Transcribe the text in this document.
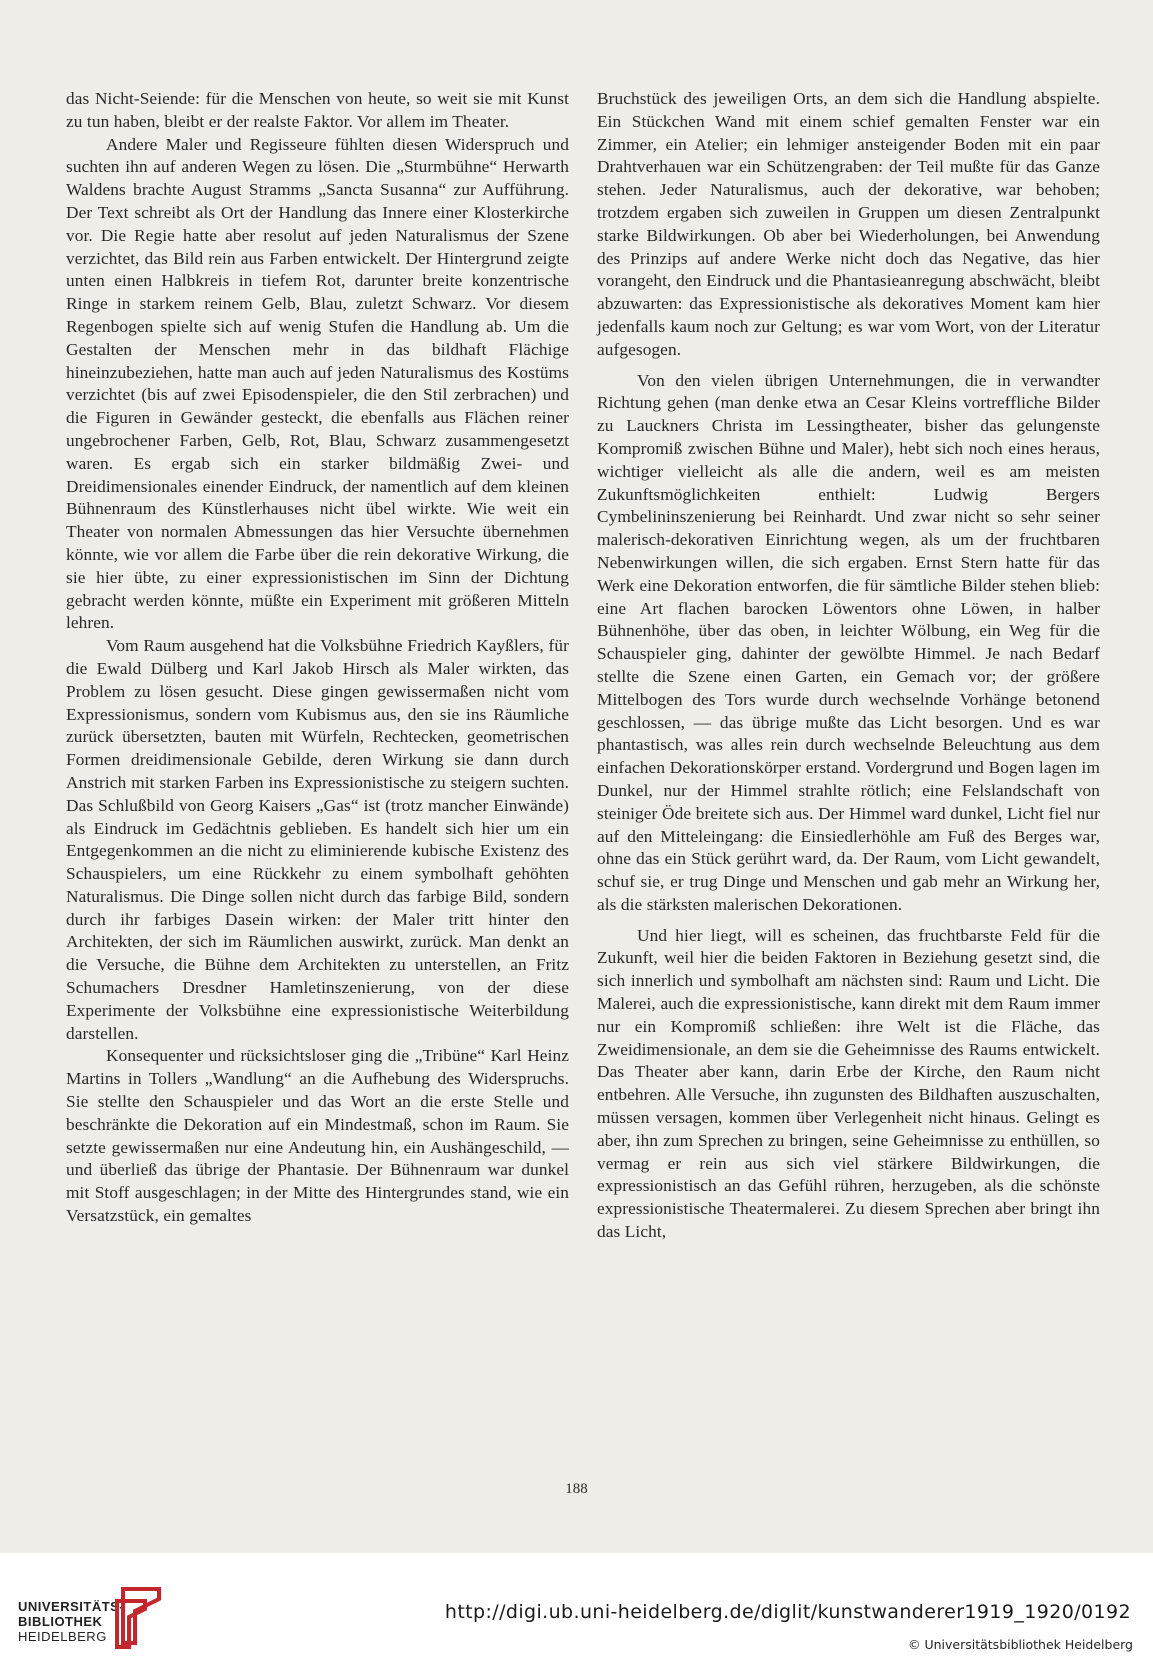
das Nicht-Seiende: für die Menschen von heute, so weit sie mit Kunst zu tun haben, bleibt er der realste Faktor. Vor allem im Theater.

Andere Maler und Regisseure fühlten diesen Widerspruch und suchten ihn auf anderen Wegen zu lösen. Die „Sturmbühne“ Herwarth Waldens brachte August Stramms „Sancta Susanna“ zur Aufführung. Der Text schreibt als Ort der Handlung das Innere einer Klosterkirche vor. Die Regie hatte aber resolut auf jeden Naturalismus der Szene verzichtet, das Bild rein aus Farben entwickelt. Der Hintergrund zeigte unten einen Halbkreis in tiefem Rot, darunter breite konzentrische Ringe in starkem reinem Gelb, Blau, zuletzt Schwarz. Vor diesem Regenbogen spielte sich auf wenig Stufen die Handlung ab. Um die Gestalten der Menschen mehr in das bildhaft Flächige hineinzubeziehen, hatte man auch auf jeden Naturalismus des Kostüms verzichtet (bis auf zwei Episodenspieler, die den Stil zerbrachen) und die Figuren in Gewänder gesteckt, die ebenfalls aus Flächen reiner ungebrochener Farben, Gelb, Rot, Blau, Schwarz zusammengesetzt waren. Es ergab sich ein starker bildmäßig Zwei- und Dreidimensionales einender Eindruck, der namentlich auf dem kleinen Bühnenraum des Künstlerhauses nicht übel wirkte. Wie weit ein Theater von normalen Abmessungen das hier Versuchte übernehmen könnte, wie vor allem die Farbe über die rein dekorative Wirkung, die sie hier übte, zu einer expressionistischen im Sinn der Dichtung gebracht werden könnte, müßte ein Experiment mit größeren Mitteln lehren.

Vom Raum ausgehend hat die Volksbühne Friedrich Kayßlers, für die Ewald Dülberg und Karl Jakob Hirsch als Maler wirkten, das Problem zu lösen gesucht. Diese gingen gewissermaßen nicht vom Expressionismus, sondern vom Kubismus aus, den sie ins Räumliche zurück übersetzten, bauten mit Würfeln, Rechtecken, geometrischen Formen dreidimensionale Gebilde, deren Wirkung sie dann durch Anstrich mit starken Farben ins Expressionistische zu steigern suchten. Das Schlußbild von Georg Kaisers „Gas“ ist (trotz mancher Einwände) als Eindruck im Gedächtnis geblieben. Es handelt sich hier um ein Entgegenkommen an die nicht zu eliminierende kubische Existenz des Schauspielers, um eine Rückkehr zu einem symbolhaft gehöhten Naturalismus. Die Dinge sollen nicht durch das farbige Bild, sondern durch ihr farbiges Dasein wirken: der Maler tritt hinter den Architekten, der sich im Räumlichen auswirkt, zurück. Man denkt an die Versuche, die Bühne dem Architekten zu unterstellen, an Fritz Schumachers Dresdner Hamletinszenierung, von der diese Experimente der Volksbühne eine expressionistische Weiterbildung darstellen.

Konsequenter und rücksichtsloser ging die „Tribüne“ Karl Heinz Martins in Tollers „Wandlung“ an die Aufhebung des Widerspruchs. Sie stellte den Schauspieler und das Wort an die erste Stelle und beschränkte die Dekoration auf ein Mindestmaß, schon im Raum. Sie setzte gewissermaßen nur eine Andeutung hin, ein Aushängeschild, — und überließ das übrige der Phantasie. Der Bühnenraum war dunkel mit Stoff ausgeschlagen; in der Mitte des Hintergrundes stand, wie ein Versatzstück, ein gemaltes

Bruchstück des jeweiligen Orts, an dem sich die Handlung abspielte. Ein Stückchen Wand mit einem schief gemalten Fenster war ein Zimmer, ein Atelier; ein lehmiger ansteigender Boden mit ein paar Drahtverhauen war ein Schützengraben: der Teil mußte für das Ganze stehen. Jeder Naturalismus, auch der dekorative, war behoben; trotzdem ergaben sich zuweilen in Gruppen um diesen Zentralpunkt starke Bildwirkungen. Ob aber bei Wiederholungen, bei Anwendung des Prinzips auf andere Werke nicht doch das Negative, das hier vorangeht, den Eindruck und die Phantasieanregung abschwächt, bleibt abzuwarten: das Expressionistische als dekoratives Moment kam hier jedenfalls kaum noch zur Geltung; es war vom Wort, von der Literatur aufgesogen.

Von den vielen übrigen Unternehmungen, die in verwandter Richtung gehen (man denke etwa an Cesar Kleins vortreffliche Bilder zu Lauckners Christa im Lessingtheater, bisher das gelungenste Kompromiß zwischen Bühne und Maler), hebt sich noch eines heraus, wichtiger vielleicht als alle die andern, weil es am meisten Zukunftsmöglichkeiten enthielt: Ludwig Bergers Cymbelininszenierung bei Reinhardt. Und zwar nicht so sehr seiner malerisch-dekorativen Einrichtung wegen, als um der fruchtbaren Nebenwirkungen willen, die sich ergaben. Ernst Stern hatte für das Werk eine Dekoration entworfen, die für sämtliche Bilder stehen blieb: eine Art flachen barocken Löwentors ohne Löwen, in halber Bühnenhöhe, über das oben, in leichter Wölbung, ein Weg für die Schauspieler ging, dahinter der gewölbte Himmel. Je nach Bedarf stellte die Szene einen Garten, ein Gemach vor; der größere Mittelbogen des Tors wurde durch wechselnde Vorhänge betonend geschlossen, — das übrige mußte das Licht besorgen. Und es war phantastisch, was alles rein durch wechselnde Beleuchtung aus dem einfachen Dekorationskörper erstand. Vordergrund und Bogen lagen im Dunkel, nur der Himmel strahlte rötlich; eine Felslandschaft von steiniger Öde breitete sich aus. Der Himmel ward dunkel, Licht fiel nur auf den Mitteleingang: die Einsiedlerhöhle am Fuß des Berges war, ohne das ein Stück gerührt ward, da. Der Raum, vom Licht gewandelt, schuf sie, er trug Dinge und Menschen und gab mehr an Wirkung her, als die stärksten malerischen Dekorationen.

Und hier liegt, will es scheinen, das fruchtbarste Feld für die Zukunft, weil hier die beiden Faktoren in Beziehung gesetzt sind, die sich innerlich und symbolhaft am nächsten sind: Raum und Licht. Die Malerei, auch die expressionistische, kann direkt mit dem Raum immer nur ein Kompromiß schließen: ihre Welt ist die Fläche, das Zweidimensionale, an dem sie die Geheimnisse des Raums entwickelt. Das Theater aber kann, darin Erbe der Kirche, den Raum nicht entbehren. Alle Versuche, ihn zugunsten des Bildhaften auszuschalten, müssen versagen, kommen über Verlegenheit nicht hinaus. Gelingt es aber, ihn zum Sprechen zu bringen, seine Geheimnisse zu enthüllen, so vermag er rein aus sich viel stärkere Bildwirkungen, die expressionistisch an das Gefühl rühren, herzugeben, als die schönste expressionistische Theatermalerei. Zu diesem Sprechen aber bringt ihn das Licht,

188
UNIVERSITÄTS-
BIBLIOTHEK
HEIDELBERG
http://digi.ub.uni-heidelberg.de/diglit/kunstwanderer1919_1920/0192
© Universitätsbibliothek Heidelberg
